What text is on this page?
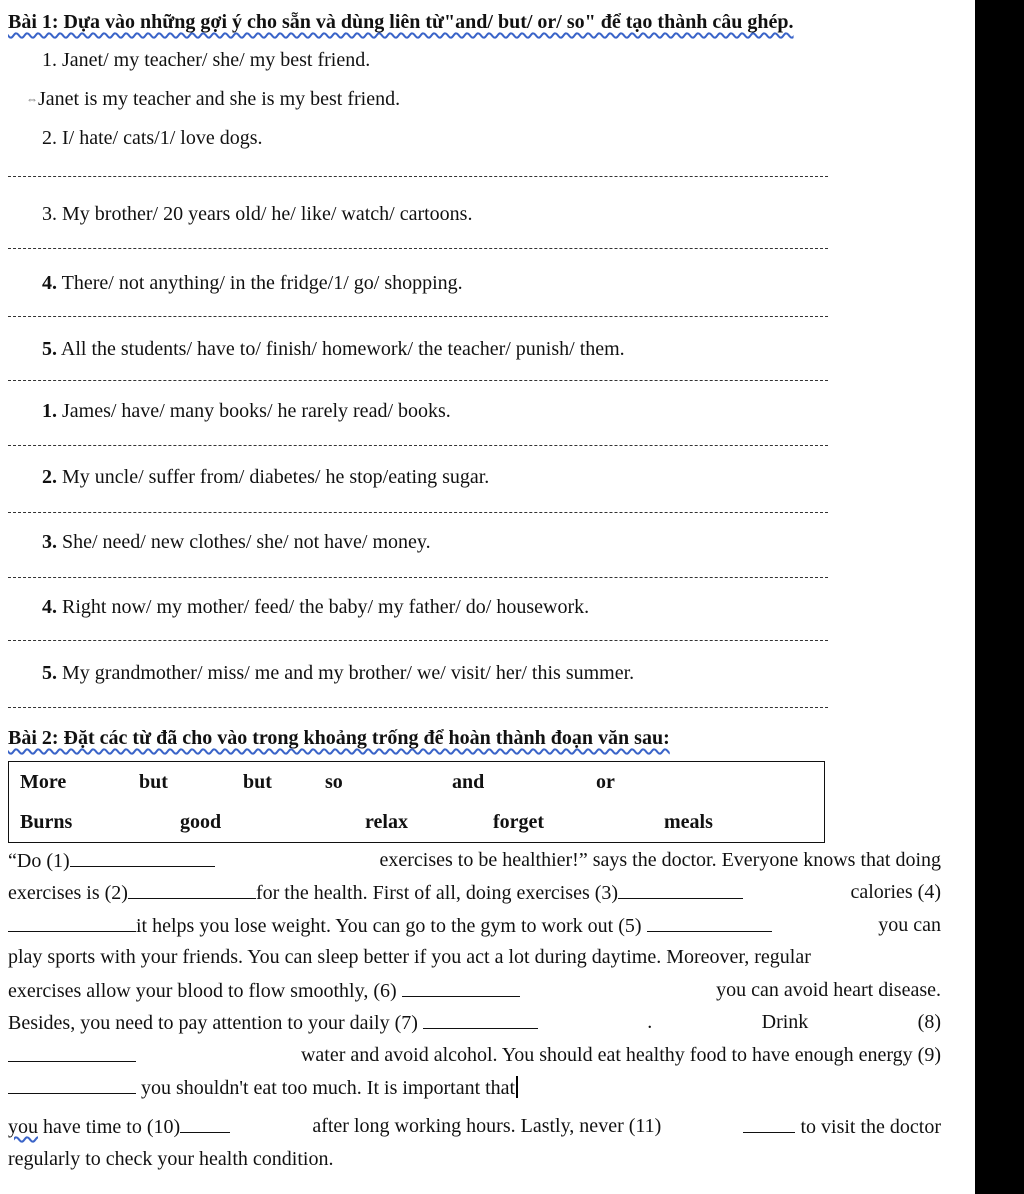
Bài 1: Dựa vào những gợi ý cho sẵn và dùng liên từ"and/ but/ or/ so" để tạo thành câu ghép.
1. Janet/ my teacher/ she/ my best friend.
⇔Janet is my teacher and she is my best friend.
2. I/ hate/ cats/1/ love dogs.
3. My brother/ 20 years old/ he/ like/ watch/ cartoons.
4. There/ not anything/ in the fridge/1/ go/ shopping.
5. All the students/ have to/ finish/ homework/ the teacher/ punish/ them.
1. James/ have/ many books/ he rarely read/ books.
2. My uncle/ suffer from/ diabetes/ he stop/eating sugar.
3. She/ need/ new clothes/ she/ not have/ money.
4. Right now/ my mother/ feed/ the baby/ my father/ do/ housework.
5. My grandmother/ miss/ me and my brother/ we/ visit/ her/ this summer.
Bài 2: Đặt các từ đã cho vào trong khoảng trống để hoàn thành đoạn văn sau:
More	but	but	so	and	or
Burns	good	relax	forget	meals
“Do (1)	exercises to be healthier!” says the doctor. Everyone knows that doing
exercises is (2)	for the health. First of all, doing exercises (3)	calories (4)
it helps you lose weight. You can go to the gym to work out (5)	you can
play sports with your friends. You can sleep better if you act a lot during daytime. Moreover, regular
exercises allow your blood to flow smoothly, (6)	you can avoid heart disease.
Besides, you need to pay attention to your daily (7)	.	Drink	(8)
water and avoid alcohol. You should eat healthy food to have enough energy (9)
you shouldn't eat too much. It is important that
you have time to (10)	after long working hours. Lastly, never (11)	to visit the doctor
regularly to check your health condition.
